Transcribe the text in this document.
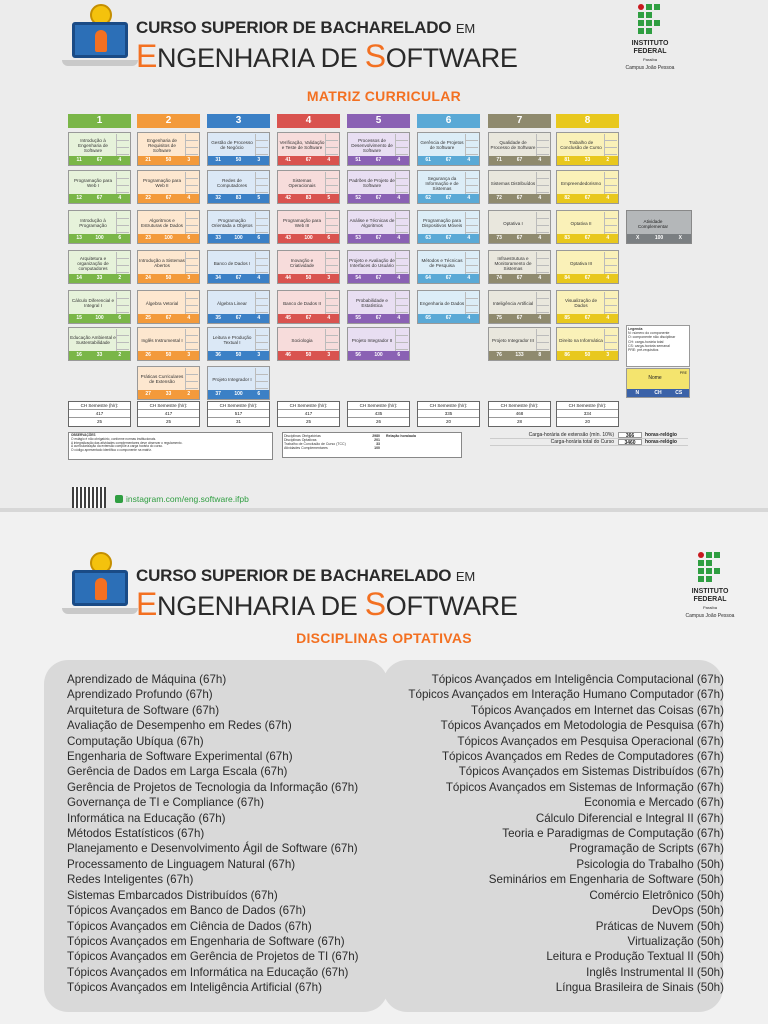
CURSO SUPERIOR DE BACHARELADO EM
ENGENHARIA DE SOFTWARE	INSTITUTO FEDERAL
Paraíba
Campus João Pessoa
MATRIZ CURRICULAR
1	2	3	4	5	6	7	8
Introdução à Engenharia de Software
11	67	4
Programação para Web I
12	67	4
Introdução à Programação
13	100	6
Arquitetura e organização de computadores
14	33	2
Cálculo Diferencial e Integral I
15	100	6
Educação Ambiental e Sustentabilidade
16	33	2
Engenharia de Requisitos de Software
21	50	3
Programação para Web II
22	67	4
Algoritmos e Estruturas de Dados
23	100	6
Introdução a Sistemas Abertos
24	50	3
Álgebra Vetorial
25	67	4
Inglês Instrumental I
26	50	3
Práticas Curriculares de Extensão
27	33	2
Gestão de Processo de Negócio
31	50	3
Redes de Computadores
32	83	5
Programação Orientada a Objetos
33	100	6
Banco de Dados I
34	67	4
Álgebra Linear
35	67	4
Leitura e Produção Textual I
36	50	3
Projeto Integrador I
37	100	6
Verificação, Validação e Teste de Software
41	67	4
Sistemas Operacionais
42	83	5
Programação para Web III
43	100	6
Inovação e Criatividade
44	50	3
Banco de Dados II
45	67	4
Sociologia
46	50	3
Processos de Desenvolvimento de Software
51	67	4
Padrões de Projeto de Software
52	67	4
Análise e Técnicas de Algoritmos
53	67	4
Projeto e Avaliação de Interfaces do Usuário
54	67	4
Probabilidade e Estatística
55	67	4
Projeto Integrador II
56	100	6
Gerência de Projetos de Software
61	67	4
Segurança da Informação e de Sistemas
62	67	4
Programação para Dispositivos Móveis
63	67	4
Métodos e Técnicas de Pesquisa
64	67	4
Engenharia de Dados
65	67	4
Qualidade de Processo de Software
71	67	4
Sistemas Distribuídos
72	67	4
Optativa I
73	67	4
Infraestrutura e Monitoramento de Sistemas
74	67	4
Inteligência Artificial
75	67	4
Projeto Integrador III
76	133	8
Trabalho de Conclusão de Curso
81	33	2
Empreendedorismo
82	67	4
Optativa II
83	67	4
Optativa III
84	67	4
Visualização de Dados
85	67	4
Direito na Informática
86	50	3
CH Semestre (h/r):
417
25
CH Semestre (h/r):
417
25
CH Semestre (h/r):
517
31
CH Semestre (h/r):
417
25
CH Semestre (h/r):
435
26
CH Semestre (h/r):
335
20
CH Semestre (h/r):
468
28
CH Semestre (h/r):
334
20
Atividade Complementar
X	100	X
Legenda
N: número do componente
O: componente não disciplinar
CH: carga-horária total
CS: carga-horária semanal
PRE: pré-requisitos
Nome
PRE
N	CH	CS
OBSERVAÇÕES
O estágio é não obrigatório, conforme normas institucionais.
A integralização das atividades complementares deve observar o regulamento.
A curricularização da extensão compõe a carga horária do curso.
O código apresentado identifica o componente na matriz.
Disciplinas Obrigatórias	2980
Disciplinas Optativas	201
Trabalho de Conclusão de Curso (TCC)	33
Atividades Complementares	100
Relação hora/aula	Carga-horária de extensão (mín. 10%)	366	horas-relógio
Carga-horária total do Curso	3460	horas-relógio
instagram.com/eng.software.ifpb
CURSO SUPERIOR DE BACHARELADO EM
ENGENHARIA DE SOFTWARE	INSTITUTO FEDERAL
Paraíba
Campus João Pessoa
DISCIPLINAS OPTATIVAS
Aprendizado de Máquina (67h)
Aprendizado Profundo (67h)
Arquitetura de Software (67h)
Avaliação de Desempenho em Redes (67h)
Computação Ubíqua (67h)
Engenharia de Software Experimental (67h)
Gerência de Dados em Larga Escala (67h)
Gerência de Projetos de Tecnologia da Informação (67h)
Governança de TI e Compliance (67h)
Informática na Educação (67h)
Métodos Estatísticos (67h)
Planejamento e Desenvolvimento Ágil de Software (67h)
Processamento de Linguagem Natural (67h)
Redes Inteligentes (67h)
Sistemas Embarcados Distribuídos (67h)
Tópicos Avançados em Banco de Dados (67h)
Tópicos Avançados em Ciência de Dados (67h)
Tópicos Avançados em Engenharia de Software (67h)
Tópicos Avançados em Gerência de Projetos de TI (67h)
Tópicos Avançados em Informática na Educação (67h)
Tópicos Avançados em Inteligência Artificial (67h)
Tópicos Avançados em Inteligência Computacional (67h)
Tópicos Avançados em Interação Humano Computador (67h)
Tópicos Avançados em Internet das Coisas (67h)
Tópicos Avançados em Metodologia de Pesquisa (67h)
Tópicos Avançados em Pesquisa Operacional (67h)
Tópicos Avançados em Redes de Computadores (67h)
Tópicos Avançados em Sistemas Distribuídos (67h)
Tópicos Avançados em Sistemas de Informação (67h)
Economia e Mercado (67h)
Cálculo Diferencial e Integral II (67h)
Teoria e Paradigmas de Computação (67h)
Programação de Scripts (67h)
Psicologia do Trabalho (50h)
Seminários em Engenharia de Software (50h)
Comércio Eletrônico (50h)
DevOps (50h)
Práticas de Nuvem (50h)
Virtualização (50h)
Leitura e Produção Textual II (50h)
Inglês Instrumental II (50h)
Língua Brasileira de Sinais (50h)
